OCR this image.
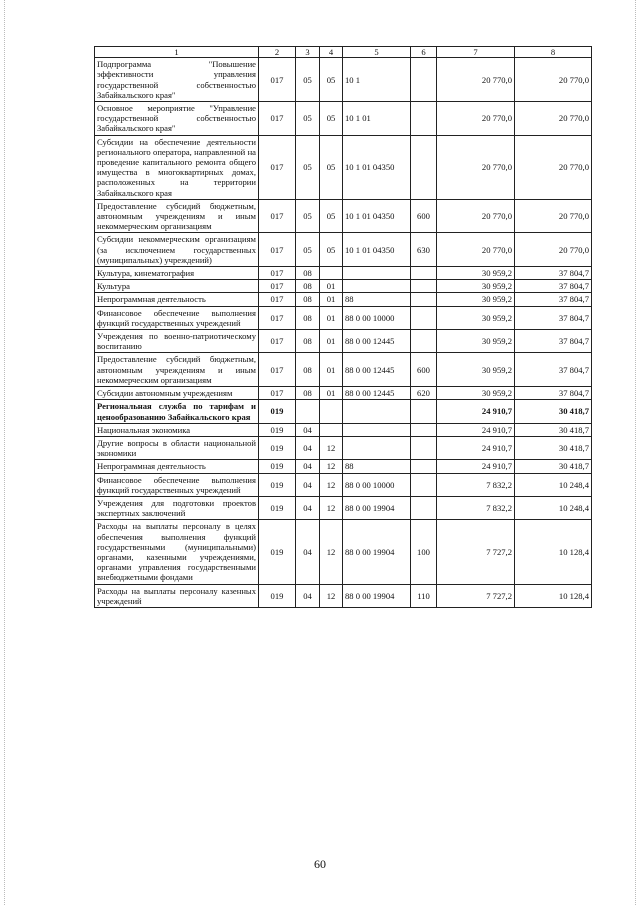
1	2	3	4	5	6	7	8
Подпрограмма "Повышение эффективности управления государственной собственностью Забайкальского края"	017	05	05	10 1		20 770,0	20 770,0
Основное мероприятие "Управление государственной собственностью Забайкальского края"	017	05	05	10 1 01		20 770,0	20 770,0
Субсидии на обеспечение деятельности регионального оператора, направленной на проведение капитального ремонта общего имущества в многоквартирных домах, расположенных на территории Забайкальского края	017	05	05	10 1 01 04350		20 770,0	20 770,0
Предоставление субсидий бюджетным, автономным учреждениям и иным некоммерческим организациям	017	05	05	10 1 01 04350	600	20 770,0	20 770,0
Субсидии некоммерческим организациям (за исключением государственных (муниципальных) учреждений)	017	05	05	10 1 01 04350	630	20 770,0	20 770,0
Культура, кинематография	017	08				30 959,2	37 804,7
Культура	017	08	01			30 959,2	37 804,7
Непрограммная деятельность	017	08	01	88		30 959,2	37 804,7
Финансовое обеспечение выполнения функций государственных учреждений	017	08	01	88 0 00 10000		30 959,2	37 804,7
Учреждения по военно-патриотическому воспитанию	017	08	01	88 0 00 12445		30 959,2	37 804,7
Предоставление субсидий бюджетным, автономным учреждениям и иным некоммерческим организациям	017	08	01	88 0 00 12445	600	30 959,2	37 804,7
Субсидии автономным учреждениям	017	08	01	88 0 00 12445	620	30 959,2	37 804,7
Региональная служба по тарифам и ценообразованию Забайкальского края	019					24 910,7	30 418,7
Национальная экономика	019	04				24 910,7	30 418,7
Другие вопросы в области национальной экономики	019	04	12			24 910,7	30 418,7
Непрограммная деятельность	019	04	12	88		24 910,7	30 418,7
Финансовое обеспечение выполнения функций государственных учреждений	019	04	12	88 0 00 10000		7 832,2	10 248,4
Учреждения для подготовки проектов экспертных заключений	019	04	12	88 0 00 19904		7 832,2	10 248,4
Расходы на выплаты персоналу в целях обеспечения выполнения функций государственными (муниципальными) органами, казенными учреждениями, органами управления государственными внебюджетными фондами	019	04	12	88 0 00 19904	100	7 727,2	10 128,4
Расходы на выплаты персоналу казенных учреждений	019	04	12	88 0 00 19904	110	7 727,2	10 128,4
60
